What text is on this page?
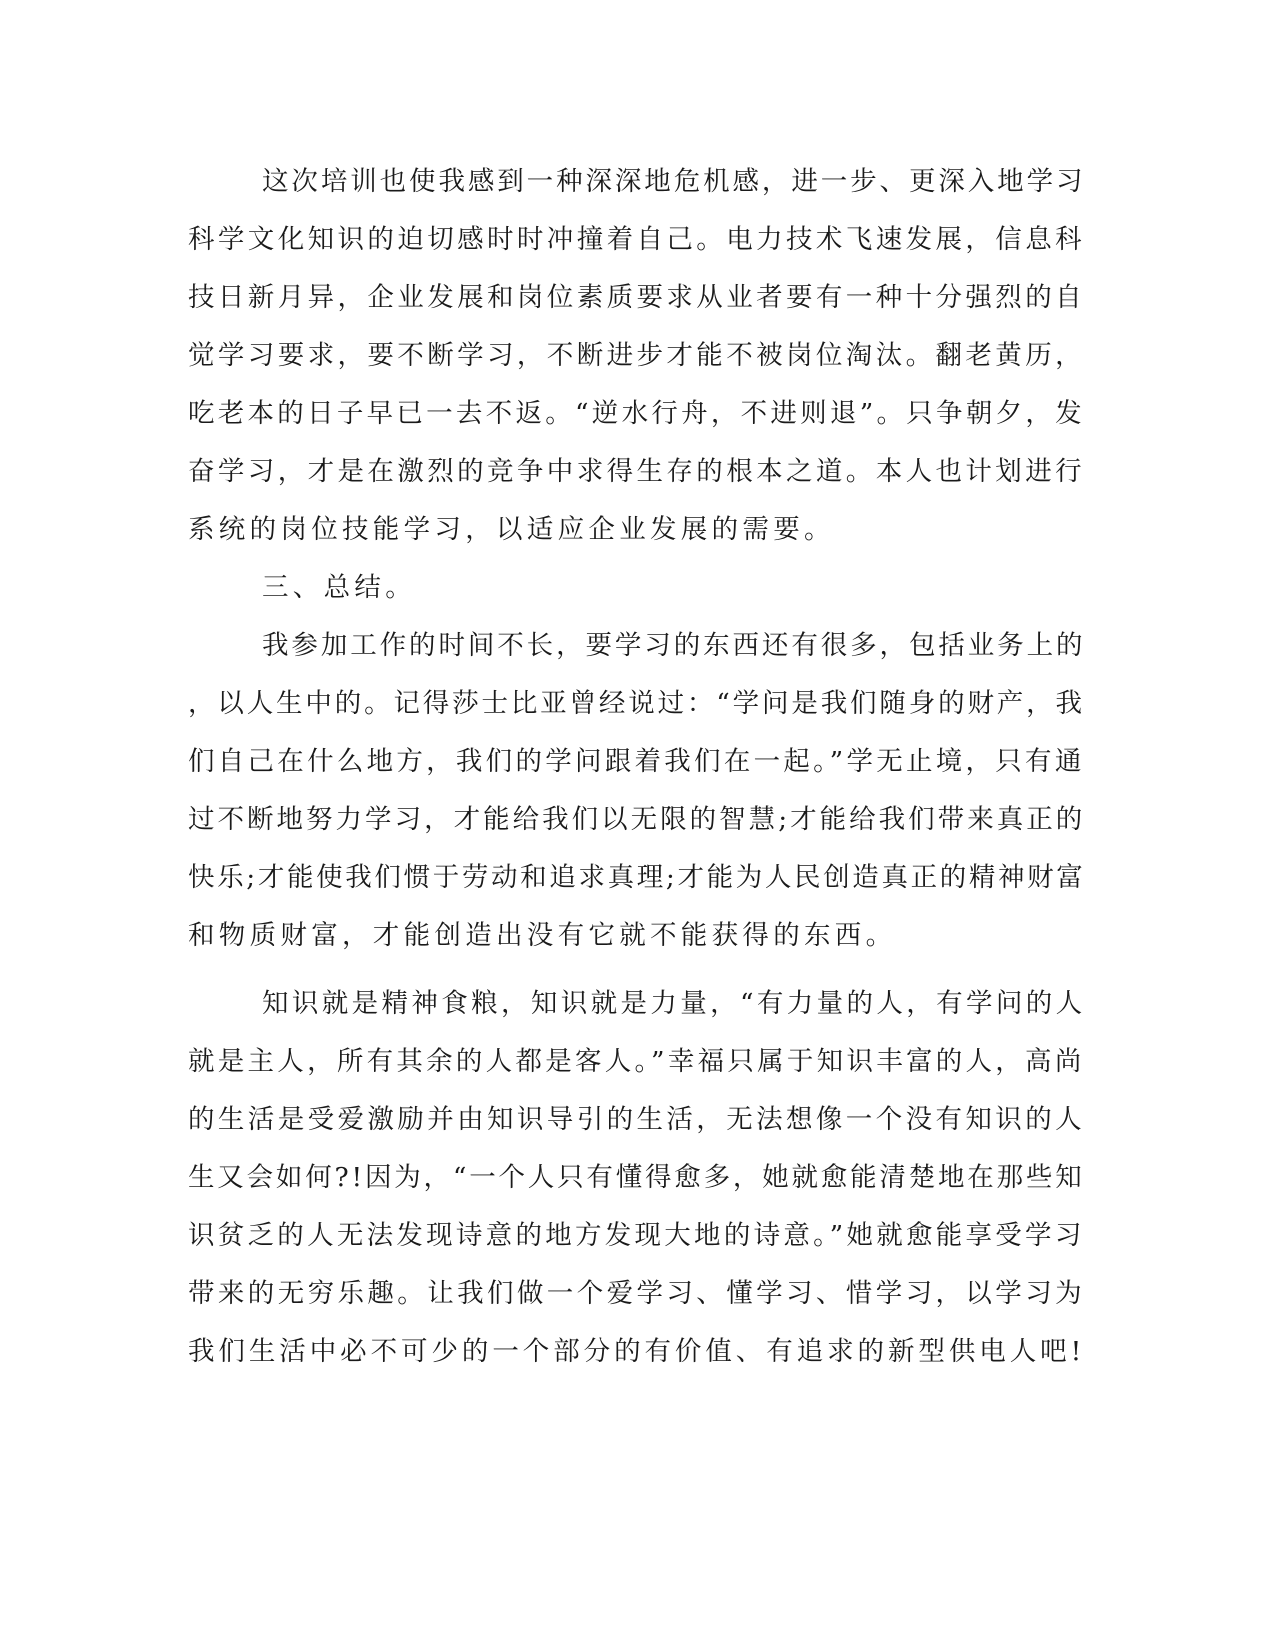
这次培训也使我感到一种深深地危机感，进一步、更深入地学习
科学文化知识的迫切感时时冲撞着自己。电力技术飞速发展，信息科
技日新月异，企业发展和岗位素质要求从业者要有一种十分强烈的自
觉学习要求，要不断学习，不断进步才能不被岗位淘汰。翻老黄历，
吃老本的日子早已一去不返。“逆水行舟，不进则退”。只争朝夕，发
奋学习，才是在激烈的竞争中求得生存的根本之道。本人也计划进行
系统的岗位技能学习，以适应企业发展的需要。
三、总结。
我参加工作的时间不长，要学习的东西还有很多，包括业务上的
，以人生中的。记得莎士比亚曾经说过：“学问是我们随身的财产，我
们自己在什么地方，我们的学问跟着我们在一起。”学无止境，只有通
过不断地努力学习，才能给我们以无限的智慧;才能给我们带来真正的
快乐;才能使我们惯于劳动和追求真理;才能为人民创造真正的精神财富
和物质财富，才能创造出没有它就不能获得的东西。
知识就是精神食粮，知识就是力量，“有力量的人，有学问的人
就是主人，所有其余的人都是客人。”幸福只属于知识丰富的人，高尚
的生活是受爱激励并由知识导引的生活，无法想像一个没有知识的人
生又会如何?!因为，“一个人只有懂得愈多，她就愈能清楚地在那些知
识贫乏的人无法发现诗意的地方发现大地的诗意。”她就愈能享受学习
带来的无穷乐趣。让我们做一个爱学习、懂学习、惜学习，以学习为
我们生活中必不可少的一个部分的有价值、有追求的新型供电人吧!
